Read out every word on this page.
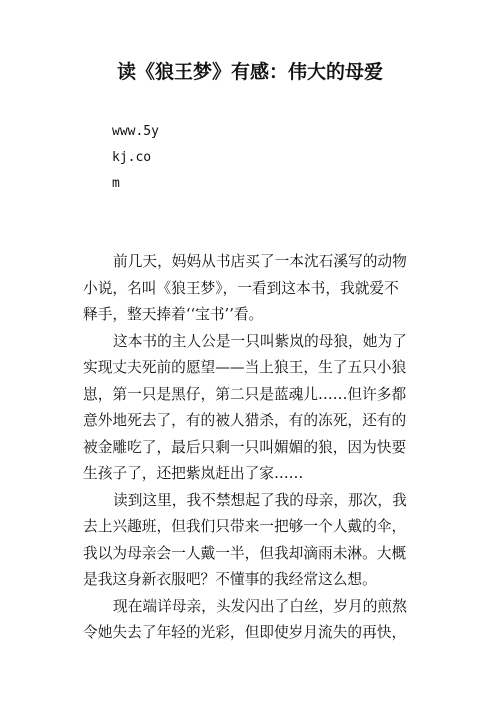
读《狼王梦》有感：伟大的母爱
www.5y
kj.co
m
前几天，妈妈从书店买了一本沈石溪写的动物
小说，名叫《狼王梦》，一看到这本书，我就爱不
释手，整天捧着‘‘宝书’’看。
这本书的主人公是一只叫紫岚的母狼，她为了
实现丈夫死前的愿望——当上狼王，生了五只小狼
崽，第一只是黑仔，第二只是蓝魂儿……但许多都
意外地死去了，有的被人猎杀，有的冻死，还有的
被金雕吃了，最后只剩一只叫媚媚的狼，因为快要
生孩子了，还把紫岚赶出了家……
读到这里，我不禁想起了我的母亲，那次，我
去上兴趣班，但我们只带来一把够一个人戴的伞，
我以为母亲会一人戴一半，但我却滴雨未淋。大概
是我这身新衣服吧？不懂事的我经常这么想。
现在端详母亲，头发闪出了白丝，岁月的煎熬
令她失去了年轻的光彩，但即使岁月流失的再快，
